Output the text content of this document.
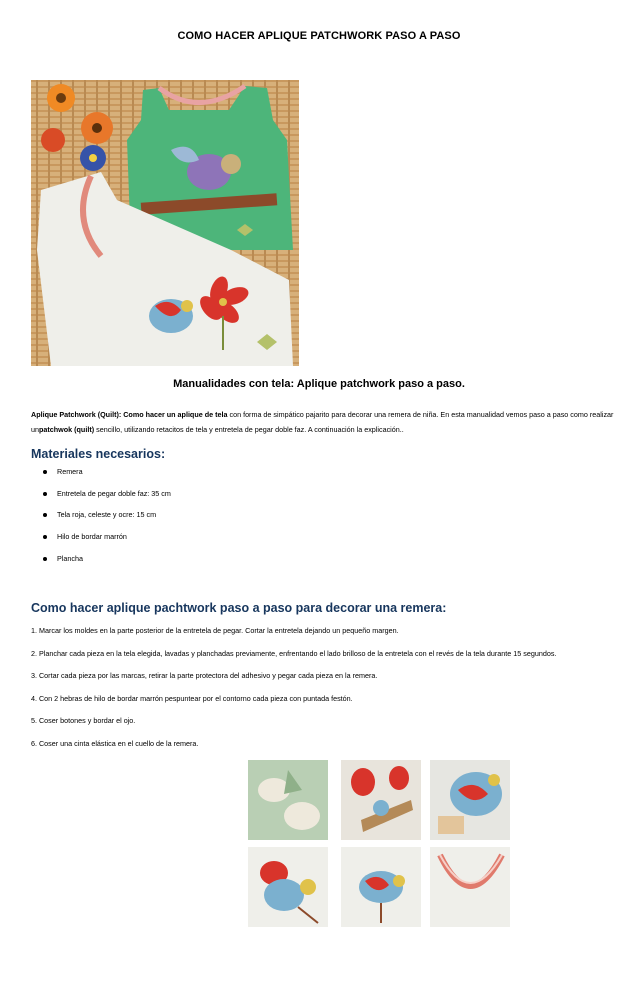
COMO HACER APLIQUE PATCHWORK PASO A PASO
Manualidades con tela: Aplique patchwork paso a paso.
Aplique Patchwork (Quilt): Como hacer un aplique de tela con forma de simpático pajarito para decorar una remera de niña. En esta manualidad vemos paso a paso como realizar unpatchwok (quilt) sencillo, utilizando retacitos de tela y entretela de pegar doble faz. A continuación la explicación..
Materiales necesarios:
Remera
Entretela de pegar doble faz: 35 cm
Tela roja, celeste y ocre: 15 cm
Hilo de bordar marrón
Plancha
Como hacer aplique pachtwork paso a paso para decorar una remera:

1. Marcar los moldes en la parte posterior de la entretela de pegar. Cortar la entretela dejando un pequeño margen.

2. Planchar cada pieza en la tela elegida, lavadas y planchadas previamente, enfrentando el lado brilloso de la entretela con el revés de la tela durante 15 segundos.

3. Cortar cada pieza por las marcas, retirar la parte protectora del adhesivo y pegar cada pieza en la remera.

4. Con 2 hebras de hilo de bordar marrón pespuntear por el contorno cada pieza con puntada festón.

5. Coser botones y bordar el ojo.

6. Coser una cinta elástica en el cuello de la remera.
